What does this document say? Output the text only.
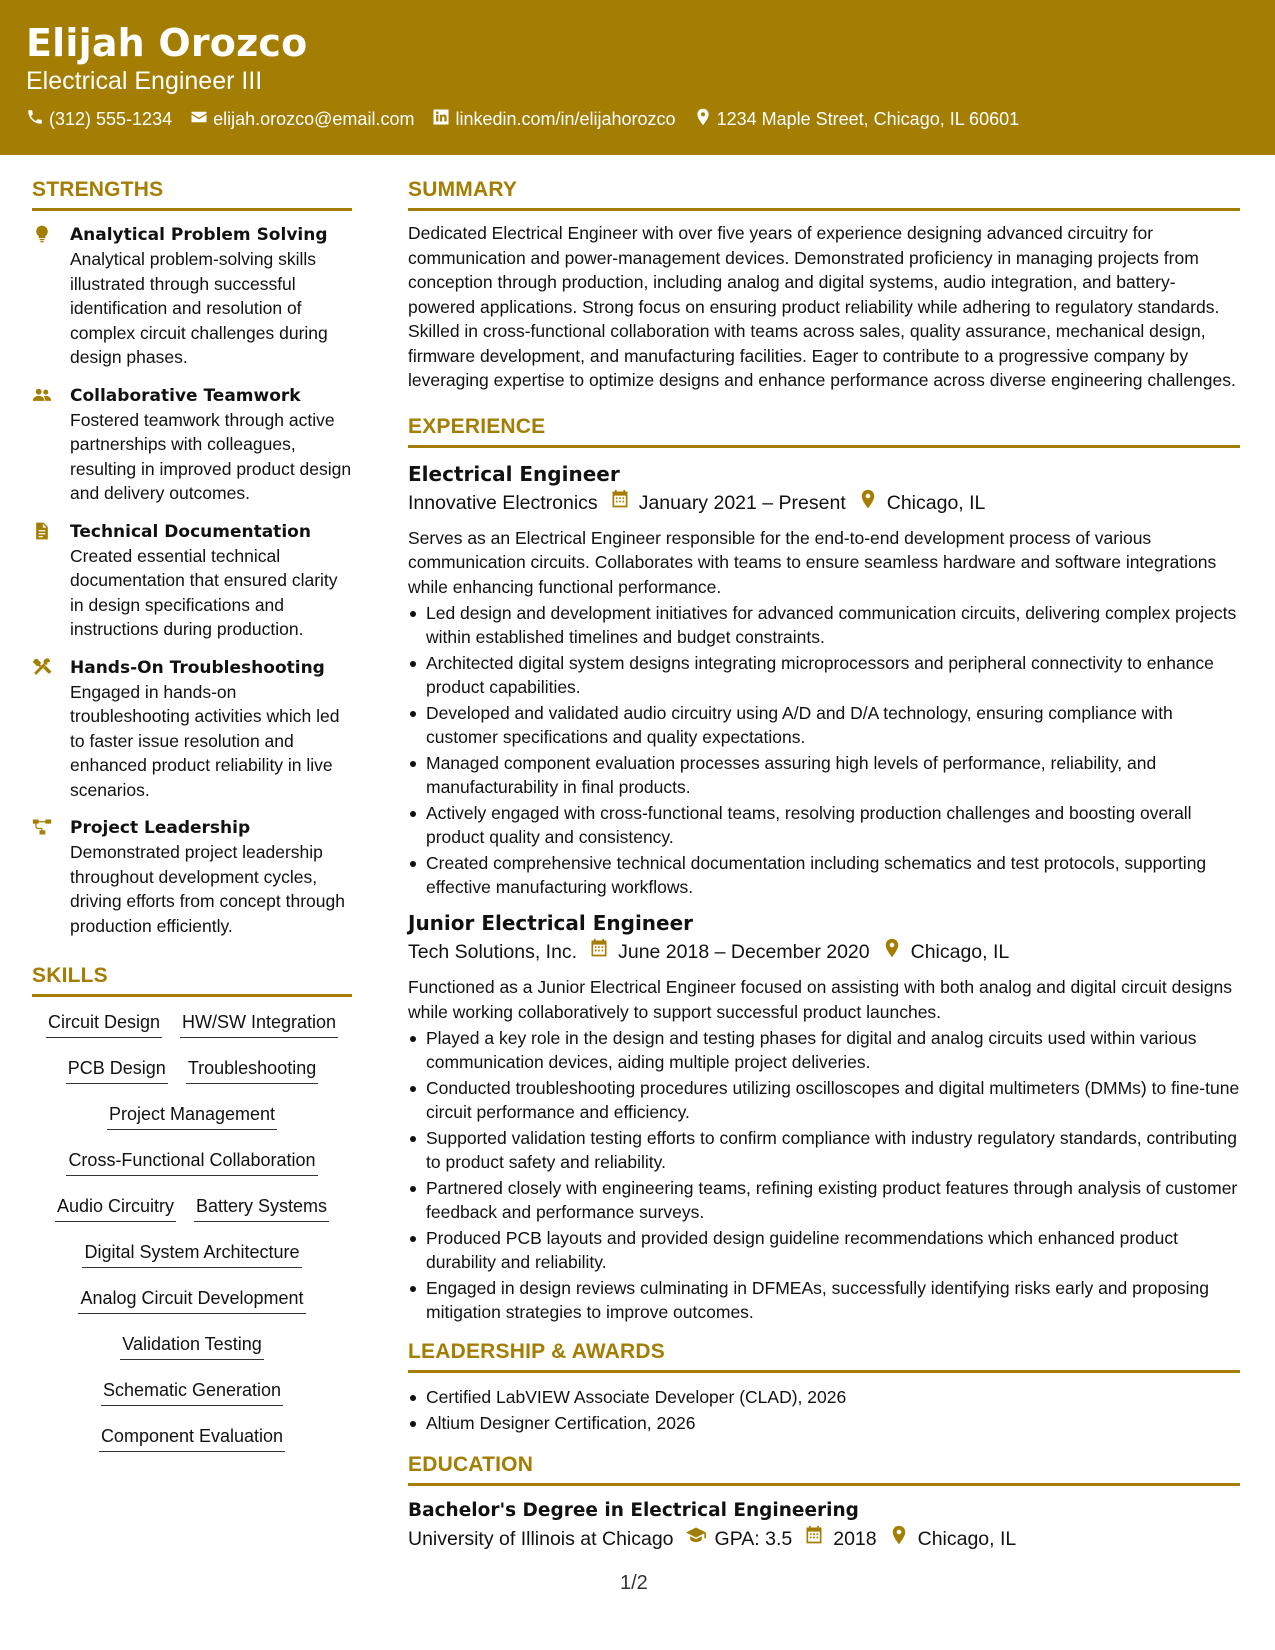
Elijah Orozco
Electrical Engineer III
(312) 555-1234 elijah.orozco@email.com linkedin.com/in/elijahorozco 1234 Maple Street, Chicago, IL 60601
STRENGTHS
Analytical Problem Solving
Analytical problem-solving skills illustrated through successful identification and resolution of complex circuit challenges during design phases.
Collaborative Teamwork
Fostered teamwork through active partnerships with colleagues, resulting in improved product design and delivery outcomes.
Technical Documentation
Created essential technical documentation that ensured clarity in design specifications and instructions during production.
Hands-On Troubleshooting
Engaged in hands-on troubleshooting activities which led to faster issue resolution and enhanced product reliability in live scenarios.
Project Leadership
Demonstrated project leadership throughout development cycles, driving efforts from concept through production efficiently.
SKILLS
Circuit Design HW/SW Integration
PCB Design Troubleshooting
Project Management
Cross-Functional Collaboration
Audio Circuitry Battery Systems
Digital System Architecture
Analog Circuit Development
Validation Testing
Schematic Generation
Component Evaluation
SUMMARY
Dedicated Electrical Engineer with over five years of experience designing advanced circuitry for communication and power-management devices. Demonstrated proficiency in managing projects from conception through production, including analog and digital systems, audio integration, and battery-powered applications. Strong focus on ensuring product reliability while adhering to regulatory standards. Skilled in cross-functional collaboration with teams across sales, quality assurance, mechanical design, firmware development, and manufacturing facilities. Eager to contribute to a progressive company by leveraging expertise to optimize designs and enhance performance across diverse engineering challenges.
EXPERIENCE
Electrical Engineer
Innovative Electronics January 2021 – Present Chicago, IL
Serves as an Electrical Engineer responsible for the end-to-end development process of various communication circuits. Collaborates with teams to ensure seamless hardware and software integrations while enhancing functional performance.
Led design and development initiatives for advanced communication circuits, delivering complex projects within established timelines and budget constraints.
Architected digital system designs integrating microprocessors and peripheral connectivity to enhance product capabilities.
Developed and validated audio circuitry using A/D and D/A technology, ensuring compliance with customer specifications and quality expectations.
Managed component evaluation processes assuring high levels of performance, reliability, and manufacturability in final products.
Actively engaged with cross-functional teams, resolving production challenges and boosting overall product quality and consistency.
Created comprehensive technical documentation including schematics and test protocols, supporting effective manufacturing workflows.
Junior Electrical Engineer
Tech Solutions, Inc. June 2018 – December 2020 Chicago, IL
Functioned as a Junior Electrical Engineer focused on assisting with both analog and digital circuit designs while working collaboratively to support successful product launches.
Played a key role in the design and testing phases for digital and analog circuits used within various communication devices, aiding multiple project deliveries.
Conducted troubleshooting procedures utilizing oscilloscopes and digital multimeters (DMMs) to fine-tune circuit performance and efficiency.
Supported validation testing efforts to confirm compliance with industry regulatory standards, contributing to product safety and reliability.
Partnered closely with engineering teams, refining existing product features through analysis of customer feedback and performance surveys.
Produced PCB layouts and provided design guideline recommendations which enhanced product durability and reliability.
Engaged in design reviews culminating in DFMEAs, successfully identifying risks early and proposing mitigation strategies to improve outcomes.
LEADERSHIP & AWARDS
Certified LabVIEW Associate Developer (CLAD), 2026
Altium Designer Certification, 2026
EDUCATION
Bachelor's Degree in Electrical Engineering
University of Illinois at Chicago GPA: 3.5 2018 Chicago, IL
1/2
